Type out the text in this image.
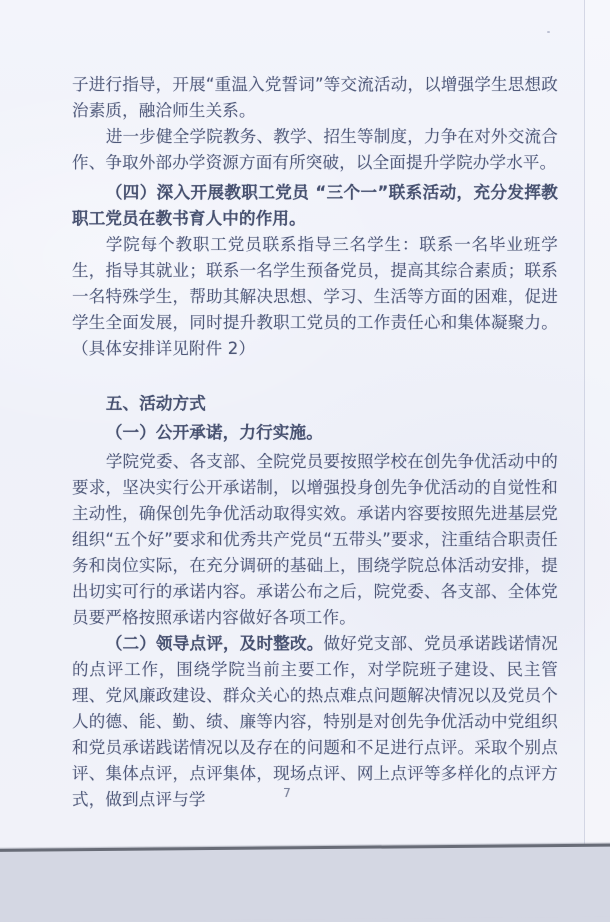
子进行指导，开展“重温入党誓词”等交流活动，以增强学生思想政治素质，融洽师生关系。

进一步健全学院教务、教学、招生等制度，力争在对外交流合作、争取外部办学资源方面有所突破，以全面提升学院办学水平。

（四）深入开展教职工党员 “三个一”联系活动，充分发挥教职工党员在教书育人中的作用。

学院每个教职工党员联系指导三名学生：联系一名毕业班学生，指导其就业；联系一名学生预备党员，提高其综合素质；联系一名特殊学生，帮助其解决思想、学习、生活等方面的困难，促进学生全面发展，同时提升教职工党员的工作责任心和集体凝聚力。（具体安排详见附件 2）

五、活动方式

（一）公开承诺，力行实施。

学院党委、各支部、全院党员要按照学校在创先争优活动中的要求，坚决实行公开承诺制，以增强投身创先争优活动的自觉性和主动性，确保创先争优活动取得实效。承诺内容要按照先进基层党组织“五个好”要求和优秀共产党员“五带头”要求，注重结合职责任务和岗位实际，在充分调研的基础上，围绕学院总体活动安排，提出切实可行的承诺内容。承诺公布之后，院党委、各支部、全体党员要严格按照承诺内容做好各项工作。

（二）领导点评，及时整改。做好党支部、党员承诺践诺情况的点评工作，围绕学院当前主要工作，对学院班子建设、民主管理、党风廉政建设、群众关心的热点难点问题解决情况以及党员个人的德、能、勤、绩、廉等内容，特别是对创先争优活动中党组织和党员承诺践诺情况以及存在的问题和不足进行点评。采取个别点评、集体点评，点评集体，现场点评、网上点评等多样化的点评方式，做到点评与学	7
